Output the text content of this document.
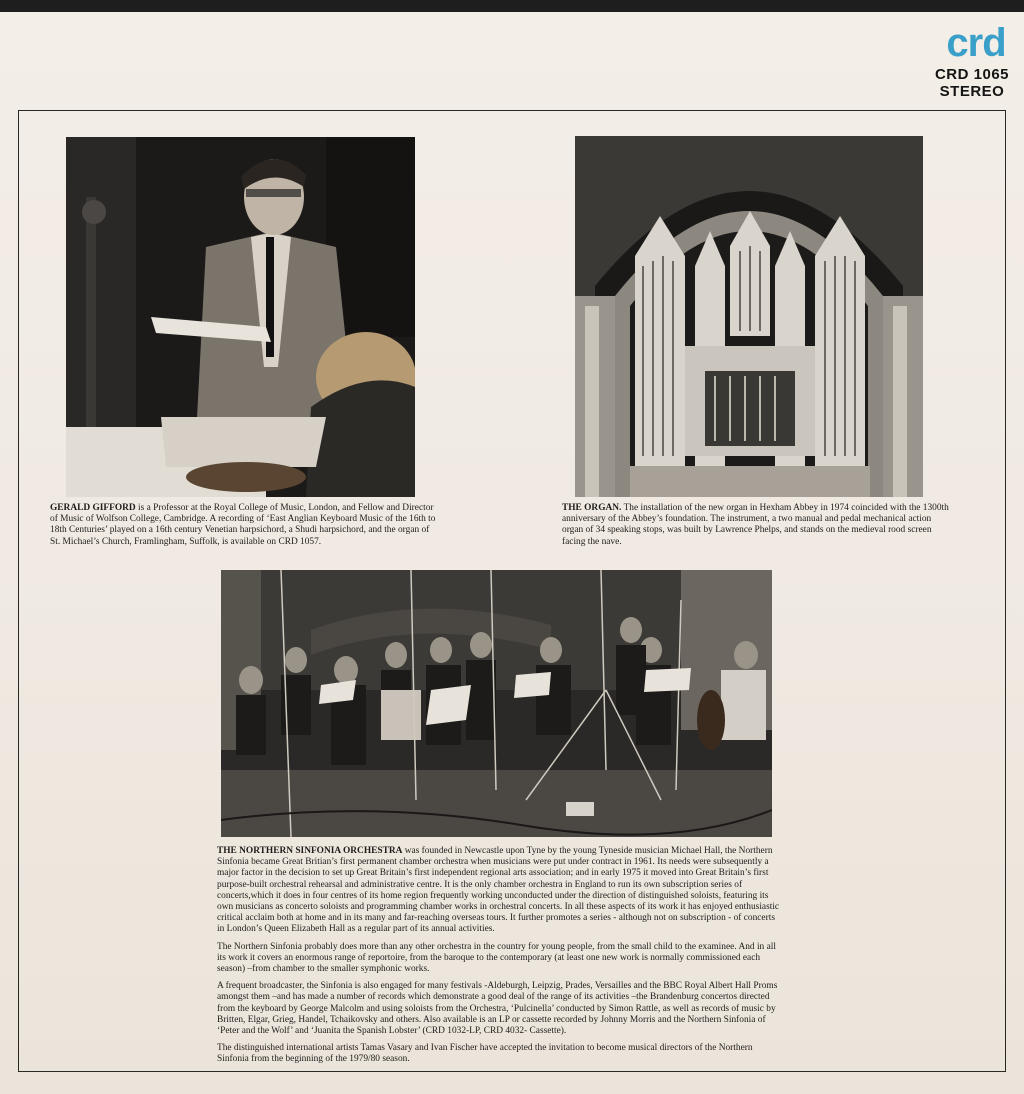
crd
CRD 1065
STEREO
GERALD GIFFORD is a Professor at the Royal College of Music, London, and Fellow and Director of Music of Wolfson College, Cambridge. A recording of ‘East Anglian Keyboard Music of the 16th to 18th Centuries’ played on a 16th century Venetian harpsichord, a Shudi harpsichord, and the organ of St. Michael’s Church, Framlingham, Suffolk, is available on CRD 1057.
THE ORGAN. The installation of the new organ in Hexham Abbey in 1974 coincided with the 1300th anniversary of the Abbey’s foundation. The instrument, a two manual and pedal mechanical action organ of 34 speaking stops, was built by Lawrence Phelps, and stands on the medieval rood screen facing the nave.

THE NORTHERN SINFONIA ORCHESTRA was founded in Newcastle upon Tyne by the young Tyneside musician Michael Hall, the Northern Sinfonia became Great Britian’s first permanent chamber orchestra when musicians were put under contract in 1961. Its needs were subsequently a major factor in the decision to set up Great Britain’s first independent regional arts association; and in early 1975 it moved into Great Britain’s first purpose-built orchestral rehearsal and administrative centre. It is the only chamber orchestra in England to run its own subscription series of concerts,which it does in four centres of its home region frequently working unconducted under the direction of distinguished soloists, featuring its own musicians as concerto soloists and programming chamber works in orchestral concerts. In all these aspects of its work it has enjoyed enthusiastic critical acclaim both at home and in its many and far-reaching overseas tours. It further promotes a series - although not on subscription - of concerts in London’s Queen Elizabeth Hall as a regular part of its annual activities.

The Northern Sinfonia probably does more than any other orchestra in the country for young people, from the small child to the examinee. And in all its work it covers an enormous range of reportoire, from the baroque to the contemporary (at least one new work is normally commissioned each season) –from chamber to the smaller symphonic works.

A frequent broadcaster, the Sinfonia is also engaged for many festivals -Aldeburgh, Leipzig, Prades, Versailles and the BBC Royal Albert Hall Proms amongst them –and has made a number of records which demonstrate a good deal of the range of its activities –the Brandenburg concertos directed from the keyboard by George Malcolm and using soloists from the Orchestra, ‘Pulcinella’ conducted by Simon Rattle, as well as records of music by Britten, Elgar, Grieg, Handel, Tchaikovsky and others. Also available is an LP or cassette recorded by Johnny Morris and the Northern Sinfonia of ‘Peter and the Wolf’ and ‘Juanita the Spanish Lobster’ (CRD 1032-LP, CRD 4032- Cassette).

The distinguished international artists Tamas Vasary and Ivan Fischer have accepted the invitation to become musical directors of the Northern Sinfonia from the beginning of the 1979/80 season.
